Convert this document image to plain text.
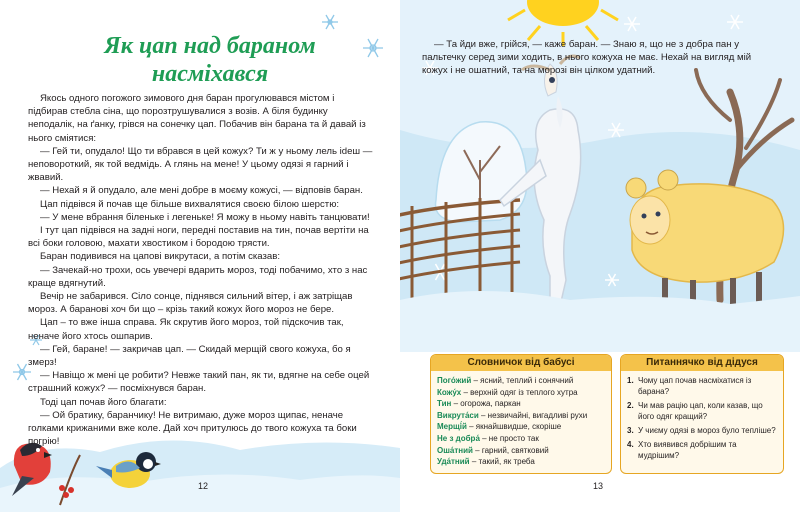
Як цап над бараном
насміхався

Якось одного погожого зимового дня баран прогулювався містом і підбирав стебла сіна, що порозтрушувалися з возів. А біля будинку неподалік, на ґанку, грівся на сонечку цап. Побачив він барана та й давай із нього сміятися:

— Гей ти, опудало! Що ти вбрався в цей кожух? Ти ж у ньому лель іdеш — неповороткий, як той ведмідь. А глянь на мене! У цьому одязі я гарний і жвавий.

— Нехай я й опудало, але мені добре в моєму кожусі, — відповів баран.

Цап підвівся й почав ще більше вихвалятися своєю білою шерстю:

— У мене вбрання біленьке і легеньке! Я можу в ньому навіть танцювати!

І тут цап підвівся на задні ноги, передні поставив на тин, почав вертіти на всі боки головою, махати хвостиком і бородою трясти.

Баран подивився на цапові викрутаси, а потім сказав:

— Зачекай-но трохи, ось увечері вдарить мороз, тоді побачимо, хто з нас краще вдягнутий.

Вечір не забарився. Сіло сонце, піднявся сильний вітер, і аж затріщав мороз. А баранові хоч би що – крізь такий кожух його мороз не бере.

Цап – то вже інша справа. Як скрутив його мороз, той підскочив так, неначе його хтось ошпарив.

— Гей, баране! — закричав цап. — Скидай мерщій свого кожуха, бо я змерз!

— Навіщо ж мені це робити? Невже такий пан, як ти, вдягне на себе оцей страшний кожух? — посміхнувся баран.

Тоді цап почав його благати:

— Ой братику, баранчику! Не витримаю, дуже мороз щипає, неначе голками крижаними вже коле. Дай хоч притулюсь до твого кожуха та боки погрію!

12

— Та йди вже, грійся, — каже баран. — Знаю я, що не з добра пан у пальтечку серед зими ходить, в нього кожуха не має. Нехай на вигляд мій кожух і не ошатний, та на морозі він цілком удатний.

Словничок від бабусі
Пого́жий – ясний, теплий і сонячний
Кожу́х – верхній одяг із теплого хутра
Тин – огорожа, паркан
Викрута́си – незвичайні, вигадливі рухи
Мерщі́й – якнайшвидше, скоріше
Не з добра́ – не просто так
Оша́тний – гарний, святковий
Уда́тний – такий, як треба
Питаннячко від дідуся
1. Чому цап почав насміхатися із барана?
2. Чи мав рацію цап, коли казав, що його одяг кращий?
3. У чиєму одязі в мороз було тепліше?
4. Хто виявився добрішим та мудрішим?
13
